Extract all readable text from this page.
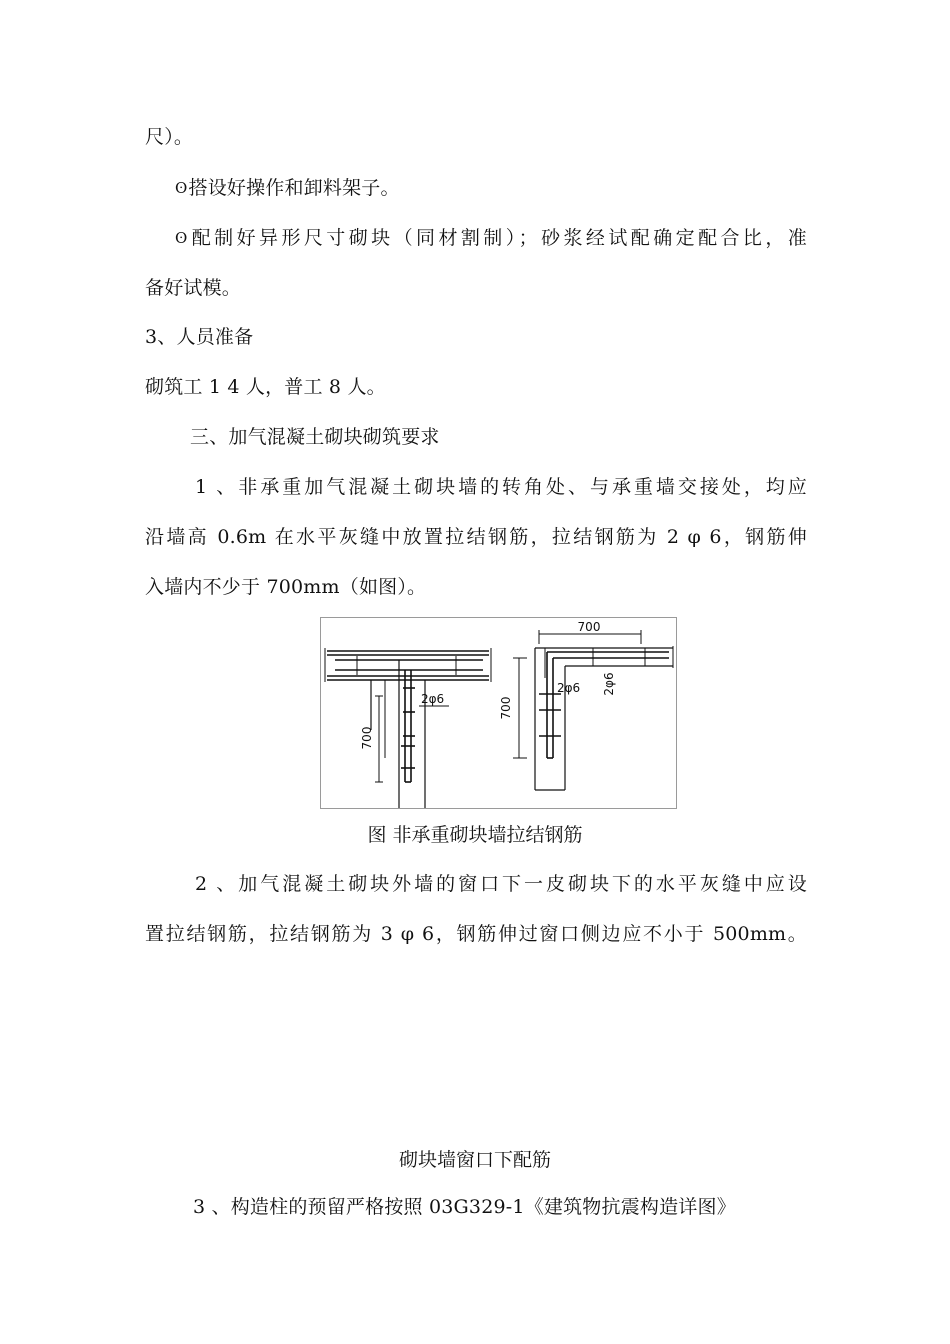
尺）。
ʘ搭设好操作和卸料架子。
ʘ配制好异形尺寸砌块（同材割制）；砂浆经试配确定配合比，准
备好试模。
3、人员准备
砌筑工 1 4 人，普工 8 人。
三、加气混凝土砌块砌筑要求
1 、非承重加气混凝土砌块墙的转角处、与承重墙交接处，均应
沿墙高 0.6m 在水平灰缝中放置拉结钢筋，拉结钢筋为 2 φ 6，钢筋伸
入墙内不少于 700mm（如图）。
700
2φ6
700
700
2φ6 2φ6
图 非承重砌块墙拉结钢筋
2 、加气混凝土砌块外墙的窗口下一皮砌块下的水平灰缝中应设
置拉结钢筋，拉结钢筋为 3 φ 6，钢筋伸过窗口侧边应不小于 500mm。
砌块墙窗口下配筋
3 、构造柱的预留严格按照 03G329-1《建筑物抗震构造详图》
